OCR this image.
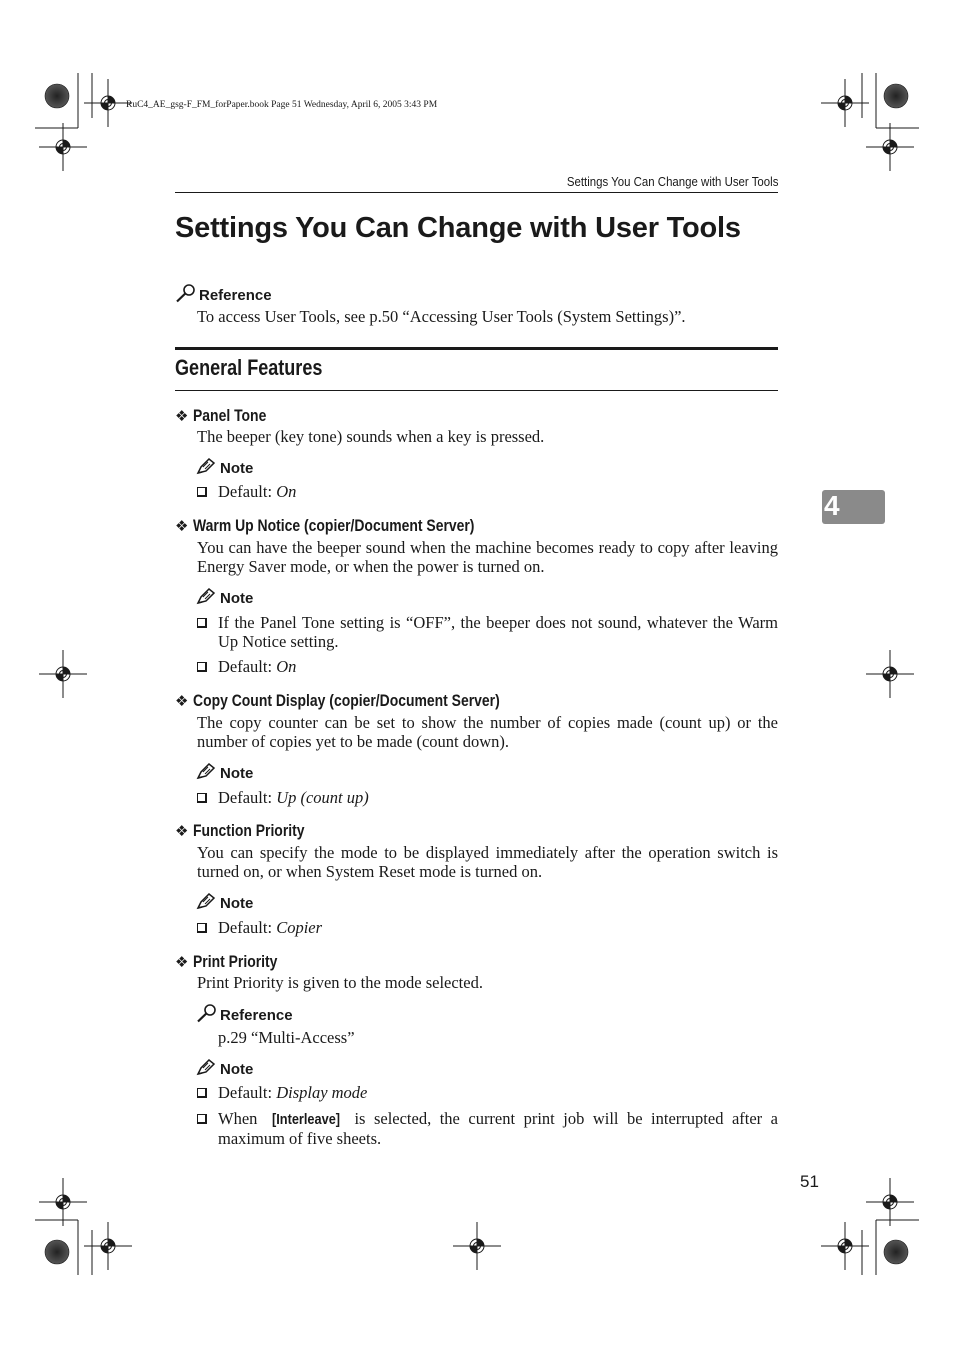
RuC4_AE_gsg-F_FM_forPaper.book Page 51 Wednesday, April 6, 2005 3:43 PM
Settings You Can Change with User Tools
Settings You Can Change with User Tools
Reference
To access User Tools, see p.50 “Accessing User Tools (System Settings)”.
General Features
❖ Panel Tone
The beeper (key tone) sounds when a key is pressed.
Note
Default: On
❖ Warm Up Notice (copier/Document Server)
You can have the beeper sound when the machine becomes ready to copy after leaving Energy Saver mode, or when the power is turned on.
Note
If the Panel Tone setting is “OFF”, the beeper does not sound, whatever the Warm Up Notice setting.
Default: On
❖ Copy Count Display (copier/Document Server)
The copy counter can be set to show the number of copies made (count up) or the number of copies yet to be made (count down).
Note
Default: Up (count up)
❖ Function Priority
You can specify the mode to be displayed immediately after the operation switch is turned on, or when System Reset mode is turned on.
Note
Default: Copier
❖ Print Priority
Print Priority is given to the mode selected.
Reference
p.29 “Multi-Access”
Note
Default: Display mode
When [Interleave] is selected, the current print job will be interrupted after a maximum of five sheets.
4
51
